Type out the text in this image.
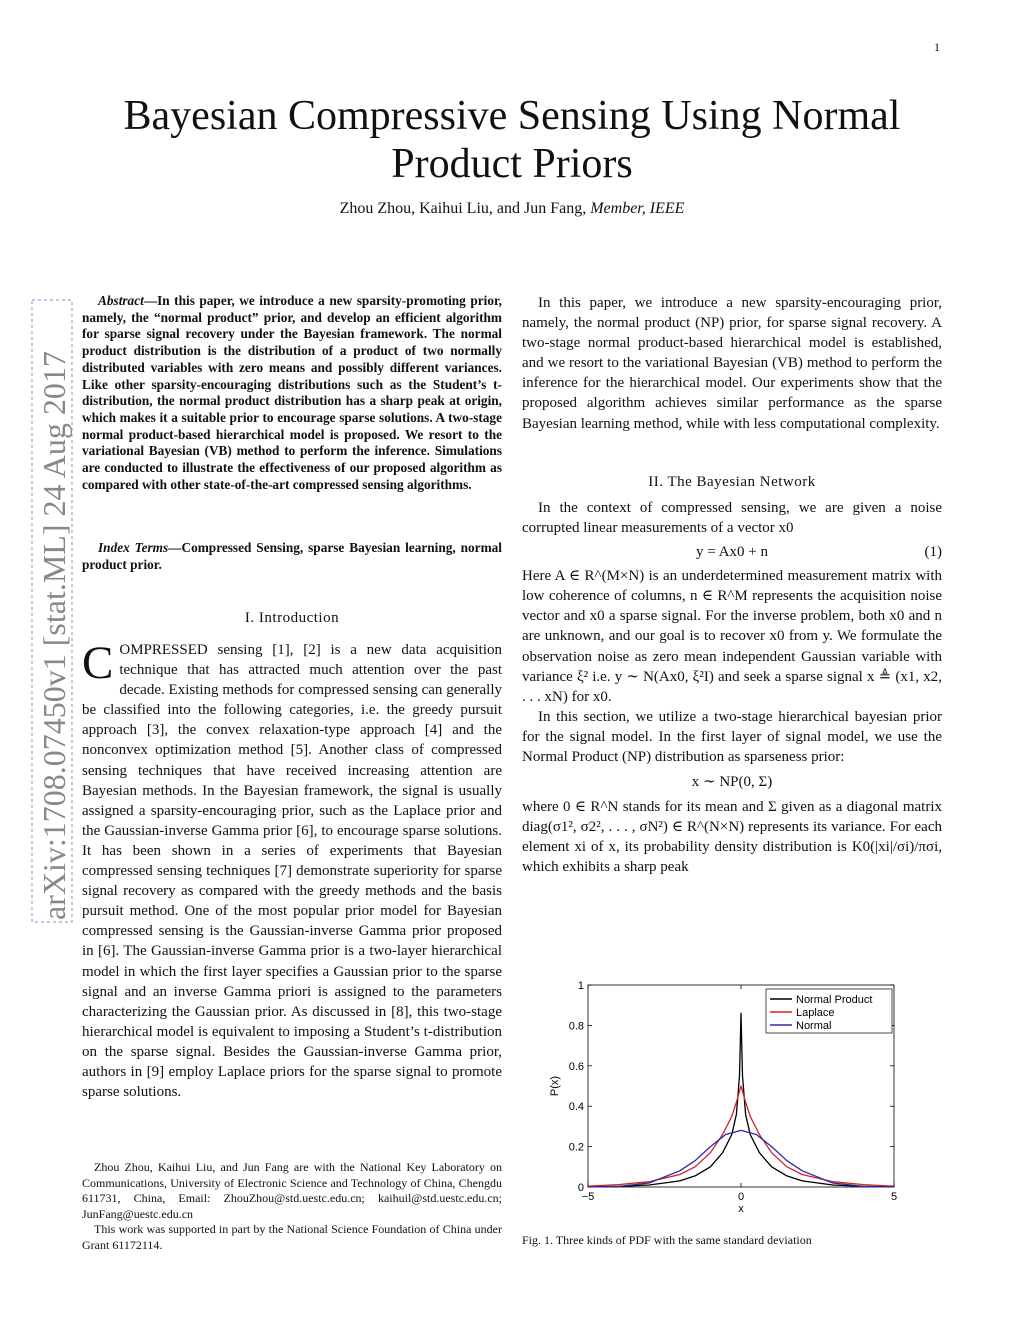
1
arXiv:1708.07450v1 [stat.ML] 24 Aug 2017
Bayesian Compressive Sensing Using Normal Product Priors
Zhou Zhou, Kaihui Liu, and Jun Fang, Member, IEEE
Abstract—In this paper, we introduce a new sparsity-promoting prior, namely, the “normal product” prior, and develop an efficient algorithm for sparse signal recovery under the Bayesian framework. The normal product distribution is the distribution of a product of two normally distributed variables with zero means and possibly different variances. Like other sparsity-encouraging distributions such as the Student’s t-distribution, the normal product distribution has a sharp peak at origin, which makes it a suitable prior to encourage sparse solutions. A two-stage normal product-based hierarchical model is proposed. We resort to the variational Bayesian (VB) method to perform the inference. Simulations are conducted to illustrate the effectiveness of our proposed algorithm as compared with other state-of-the-art compressed sensing algorithms.
Index Terms—Compressed Sensing, sparse Bayesian learning, normal product prior.
I. Introduction
COMPRESSED sensing [1], [2] is a new data acquisition technique that has attracted much attention over the past decade. Existing methods for compressed sensing can generally be classified into the following categories, i.e. the greedy pursuit approach [3], the convex relaxation-type approach [4] and the nonconvex optimization method [5]. Another class of compressed sensing techniques that have received increasing attention are Bayesian methods. In the Bayesian framework, the signal is usually assigned a sparsity-encouraging prior, such as the Laplace prior and the Gaussian-inverse Gamma prior [6], to encourage sparse solutions. It has been shown in a series of experiments that Bayesian compressed sensing techniques [7] demonstrate superiority for sparse signal recovery as compared with the greedy methods and the basis pursuit method. One of the most popular prior model for Bayesian compressed sensing is the Gaussian-inverse Gamma prior proposed in [6]. The Gaussian-inverse Gamma prior is a two-layer hierarchical model in which the first layer specifies a Gaussian prior to the sparse signal and an inverse Gamma priori is assigned to the parameters characterizing the Gaussian prior. As discussed in [8], this two-stage hierarchical model is equivalent to imposing a Student’s t-distribution on the sparse signal. Besides the Gaussian-inverse Gamma prior, authors in [9] employ Laplace priors for the sparse signal to promote sparse solutions.

Zhou Zhou, Kaihui Liu, and Jun Fang are with the National Key Laboratory on Communications, University of Electronic Science and Technology of China, Chengdu 611731, China, Email: ZhouZhou@std.uestc.edu.cn; kaihuil@std.uestc.edu.cn; JunFang@uestc.edu.cn

This work was supported in part by the National Science Foundation of China under Grant 61172114.

In this paper, we introduce a new sparsity-encouraging prior, namely, the normal product (NP) prior, for sparse signal recovery. A two-stage normal product-based hierarchical model is established, and we resort to the variational Bayesian (VB) method to perform the inference for the hierarchical model. Our experiments show that the proposed algorithm achieves similar performance as the sparse Bayesian learning method, while with less computational complexity.

II. The Bayesian Network

In the context of compressed sensing, we are given a noise corrupted linear measurements of a vector x0

y = Ax0 + n	(1)

Here A ∈ R^(M×N) is an underdetermined measurement matrix with low coherence of columns, n ∈ R^M represents the acquisition noise vector and x0 a sparse signal. For the inverse problem, both x0 and n are unknown, and our goal is to recover x0 from y. We formulate the observation noise as zero mean independent Gaussian variable with variance ξ² i.e. y ∼ N(Ax0, ξ²I) and seek a sparse signal x ≜ (x1, x2, . . . xN) for x0.

In this section, we utilize a two-stage hierarchical bayesian prior for the signal model. In the first layer of signal model, we use the Normal Product (NP) distribution as sparseness prior:

x ∼ NP(0, Σ)

where 0 ∈ R^N stands for its mean and Σ given as a diagonal matrix diag(σ1², σ2², . . . , σN²) ∈ R^(N×N) represents its variance. For each element xi of x, its probability density distribution is K0(|xi|/σi)/πσi, which exhibits a sharp peak

0
0.2
0.4
0.6
0.8
1
−5	0	5
x
P(x)
Normal Product
Laplace
Normal
Fig. 1. Three kinds of PDF with the same standard deviation
